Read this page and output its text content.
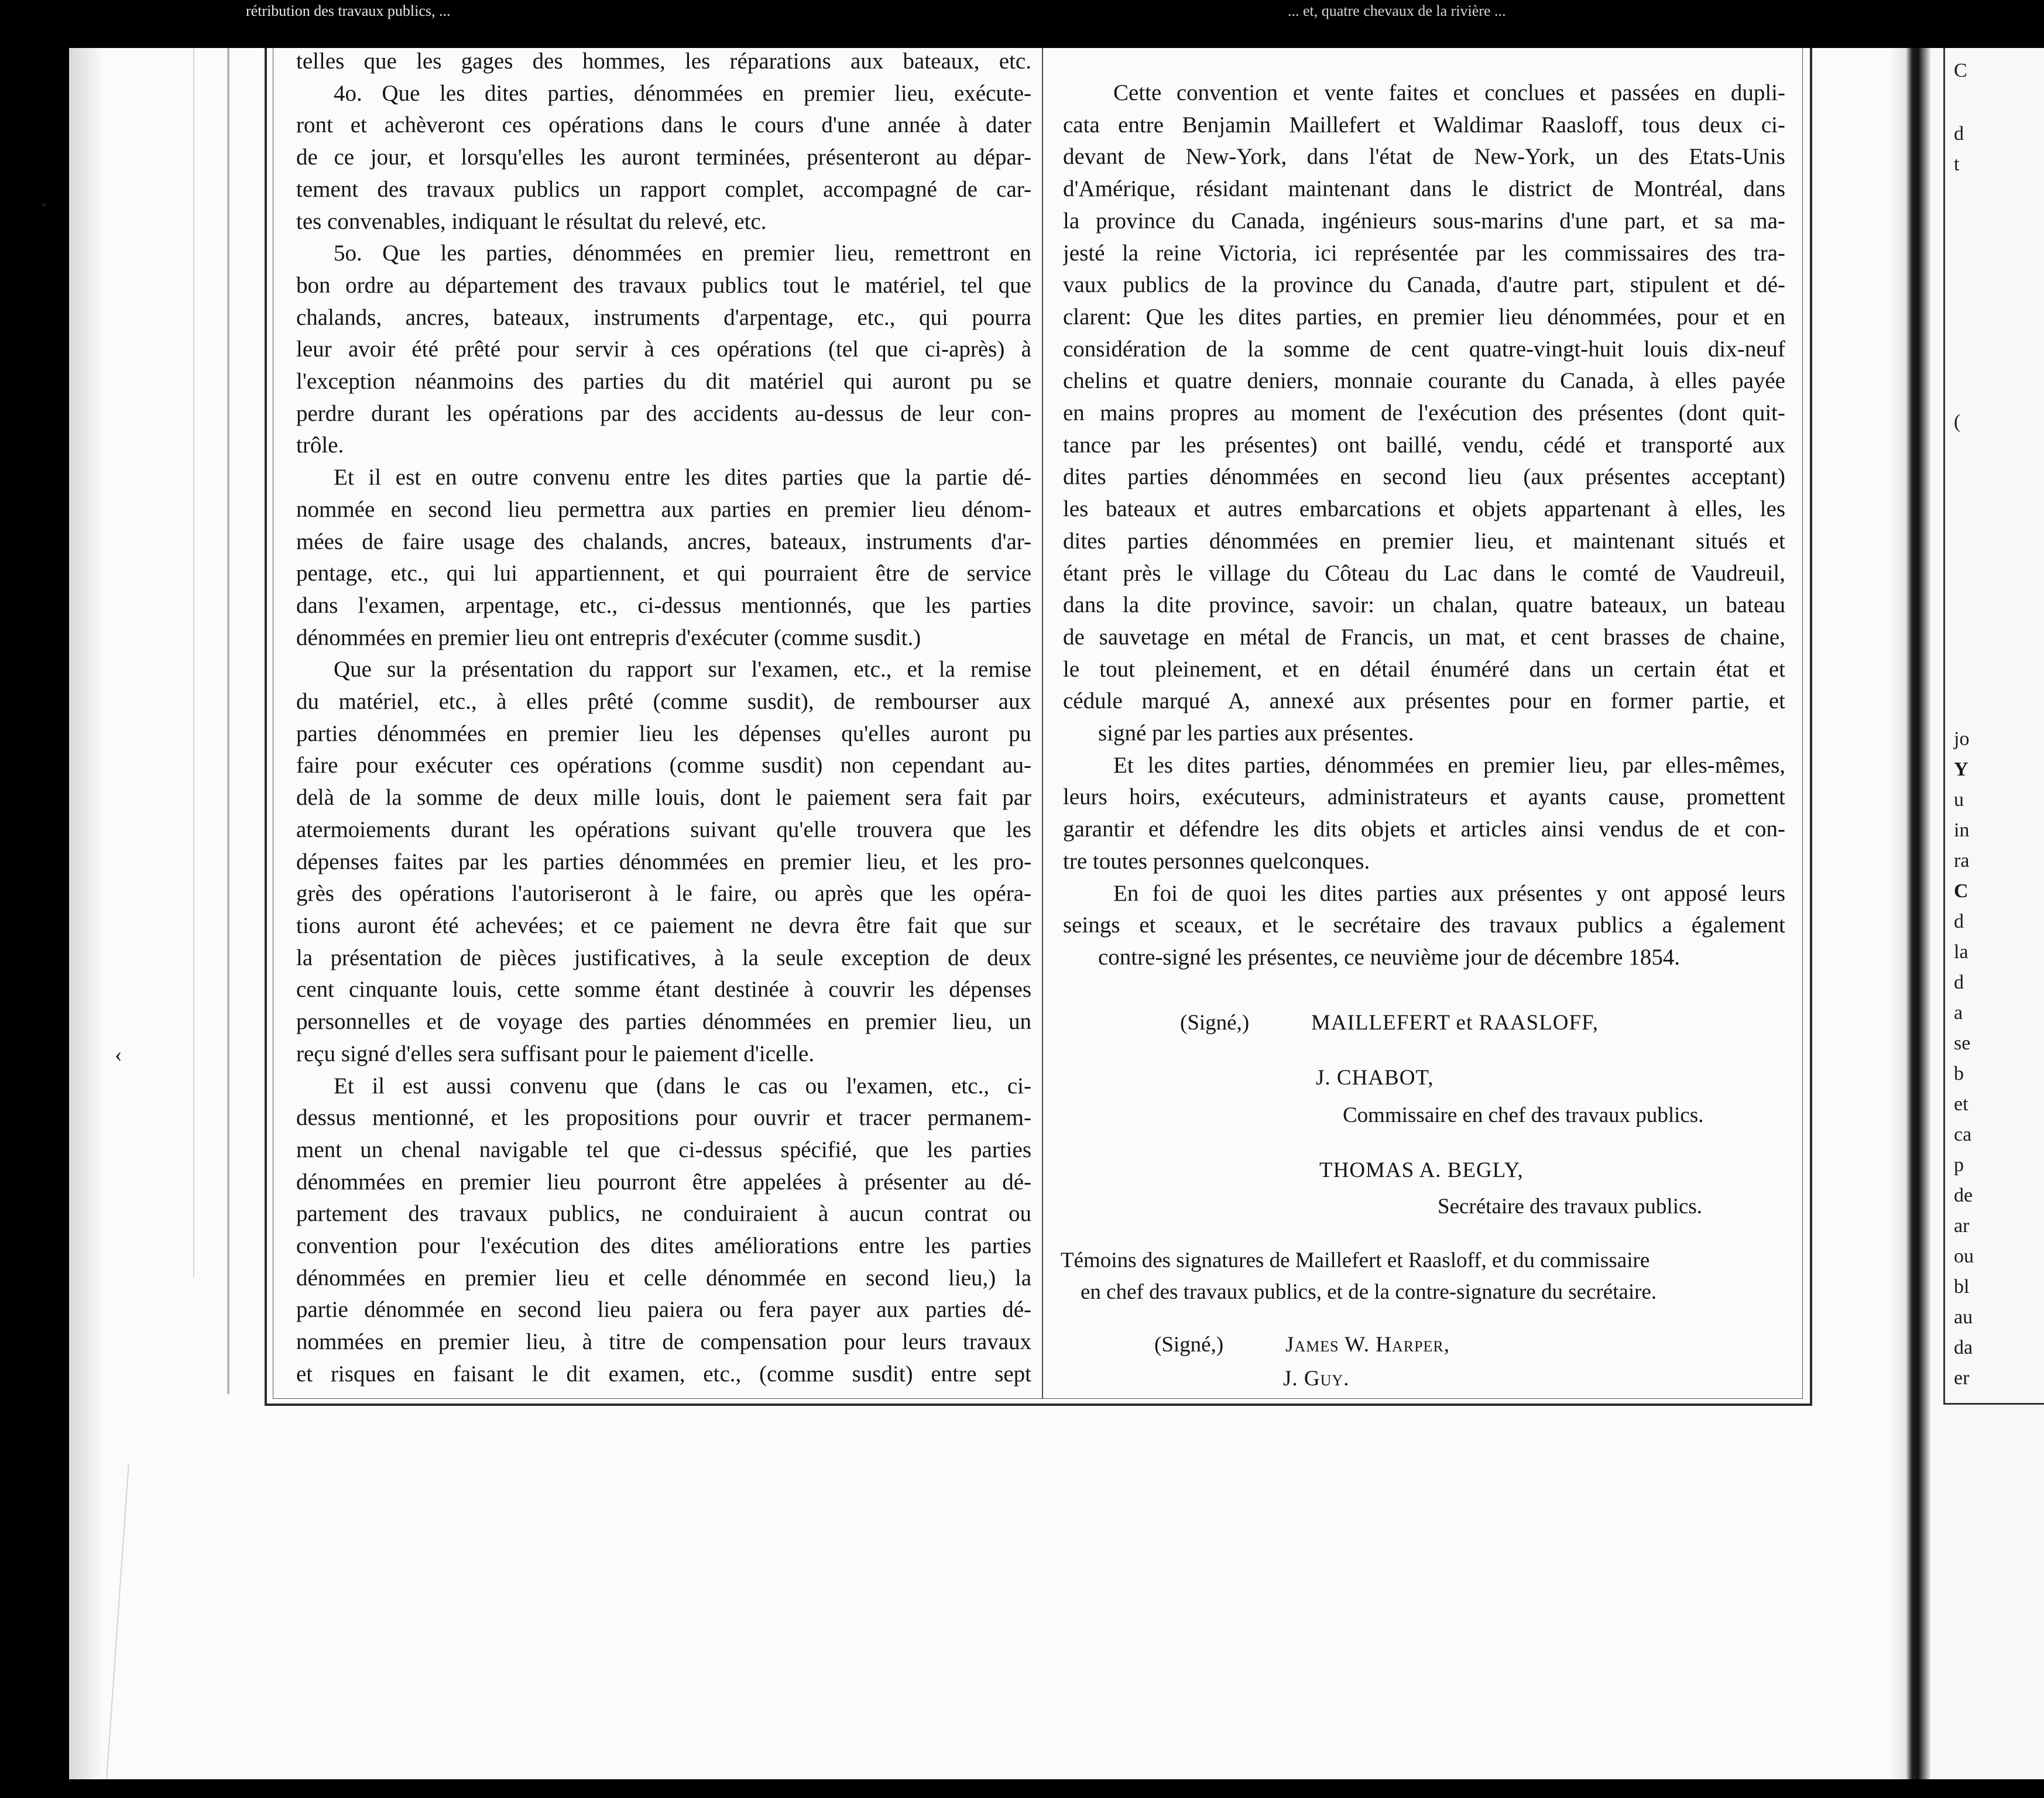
rétribution des travaux publics, ...	... et, quatre chevaux de la rivière ...

telles que les gages des hommes, les réparations aux bateaux, etc.

4o. Que les dites parties, dénommées en premier lieu, exécute-

ront et achèveront ces opérations dans le cours d'une année à dater

de ce jour, et lorsqu'elles les auront terminées, présenteront au dépar-

tement des travaux publics un rapport complet, accompagné de car-

tes convenables, indiquant le résultat du relevé, etc.

5o. Que les parties, dénommées en premier lieu, remettront en

bon ordre au département des travaux publics tout le matériel, tel que

chalands, ancres, bateaux, instruments d'arpentage, etc., qui pourra

leur avoir été prêté pour servir à ces opérations (tel que ci-après) à

l'exception néanmoins des parties du dit matériel qui auront pu se

perdre durant les opérations par des accidents au-dessus de leur con-

trôle.

Et il est en outre convenu entre les dites parties que la partie dé-

nommée en second lieu permettra aux parties en premier lieu dénom-

mées de faire usage des chalands, ancres, bateaux, instruments d'ar-

pentage, etc., qui lui appartiennent, et qui pourraient être de service

dans l'examen, arpentage, etc., ci-dessus mentionnés, que les parties

dénommées en premier lieu ont entrepris d'exécuter (comme susdit.)

Que sur la présentation du rapport sur l'examen, etc., et la remise

du matériel, etc., à elles prêté (comme susdit), de rembourser aux

parties dénommées en premier lieu les dépenses qu'elles auront pu

faire pour exécuter ces opérations (comme susdit) non cependant au-

delà de la somme de deux mille louis, dont le paiement sera fait par

atermoiements durant les opérations suivant qu'elle trouvera que les

dépenses faites par les parties dénommées en premier lieu, et les pro-

grès des opérations l'autoriseront à le faire, ou après que les opéra-

tions auront été achevées; et ce paiement ne devra être fait que sur

la présentation de pièces justificatives, à la seule exception de deux

cent cinquante louis, cette somme étant destinée à couvrir les dépenses

personnelles et de voyage des parties dénommées en premier lieu, un

reçu signé d'elles sera suffisant pour le paiement d'icelle.

Et il est aussi convenu que (dans le cas ou l'examen, etc., ci-

dessus mentionné, et les propositions pour ouvrir et tracer permanem-

ment un chenal navigable tel que ci-dessus spécifié, que les parties

dénommées en premier lieu pourront être appelées à présenter au dé-

partement des travaux publics, ne conduiraient à aucun contrat ou

convention pour l'exécution des dites améliorations entre les parties

dénommées en premier lieu et celle dénommée en second lieu,) la

partie dénommée en second lieu paiera ou fera payer aux parties dé-

nommées en premier lieu, à titre de compensation pour leurs travaux

et risques en faisant le dit examen, etc., (comme susdit) entre sept

Cette convention et vente faites et conclues et passées en dupli-

cata entre Benjamin Maillefert et Waldimar Raasloff, tous deux ci-

devant de New-York, dans l'état de New-York, un des Etats-Unis

d'Amérique, résidant maintenant dans le district de Montréal, dans

la province du Canada, ingénieurs sous-marins d'une part, et sa ma-

jesté la reine Victoria, ici représentée par les commissaires des tra-

vaux publics de la province du Canada, d'autre part, stipulent et dé-

clarent: Que les dites parties, en premier lieu dénommées, pour et en

considération de la somme de cent quatre-vingt-huit louis dix-neuf

chelins et quatre deniers, monnaie courante du Canada, à elles payée

en mains propres au moment de l'exécution des présentes (dont quit-

tance par les présentes) ont baillé, vendu, cédé et transporté aux

dites parties dénommées en second lieu (aux présentes acceptant)

les bateaux et autres embarcations et objets appartenant à elles, les

dites parties dénommées en premier lieu, et maintenant situés et

étant près le village du Côteau du Lac dans le comté de Vaudreuil,

dans la dite province, savoir: un chalan, quatre bateaux, un bateau

de sauvetage en métal de Francis, un mat, et cent brasses de chaine,

le tout pleinement, et en détail énuméré dans un certain état et

cédule marqué A, annexé aux présentes pour en former partie, et

signé par les parties aux présentes.

Et les dites parties, dénommées en premier lieu, par elles-mêmes,

leurs hoirs, exécuteurs, administrateurs et ayants cause, promettent

garantir et défendre les dits objets et articles ainsi vendus de et con-

tre toutes personnes quelconques.

En foi de quoi les dites parties aux présentes y ont apposé leurs

seings et sceaux, et le secrétaire des travaux publics a également

contre-signé les présentes, ce neuvième jour de décembre 1854.

(Signé,)	MAILLEFERT et RAASLOFF,
J. CHABOT,
Commissaire en chef des travaux publics.
THOMAS A. BEGLY,
Secrétaire des travaux publics.
Témoins des signatures de Maillefert et Raasloff, et du commissaire
en chef des travaux publics, et de la contre-signature du secrétaire.
(Signé,)	James W. Harper,
J. Guy.
•
‹
C
d
t
(
jo
Y
u
in
ra
C
d
la
d
a
se
b
et
ca
p
de
ar
ou
bl
au
da
er
